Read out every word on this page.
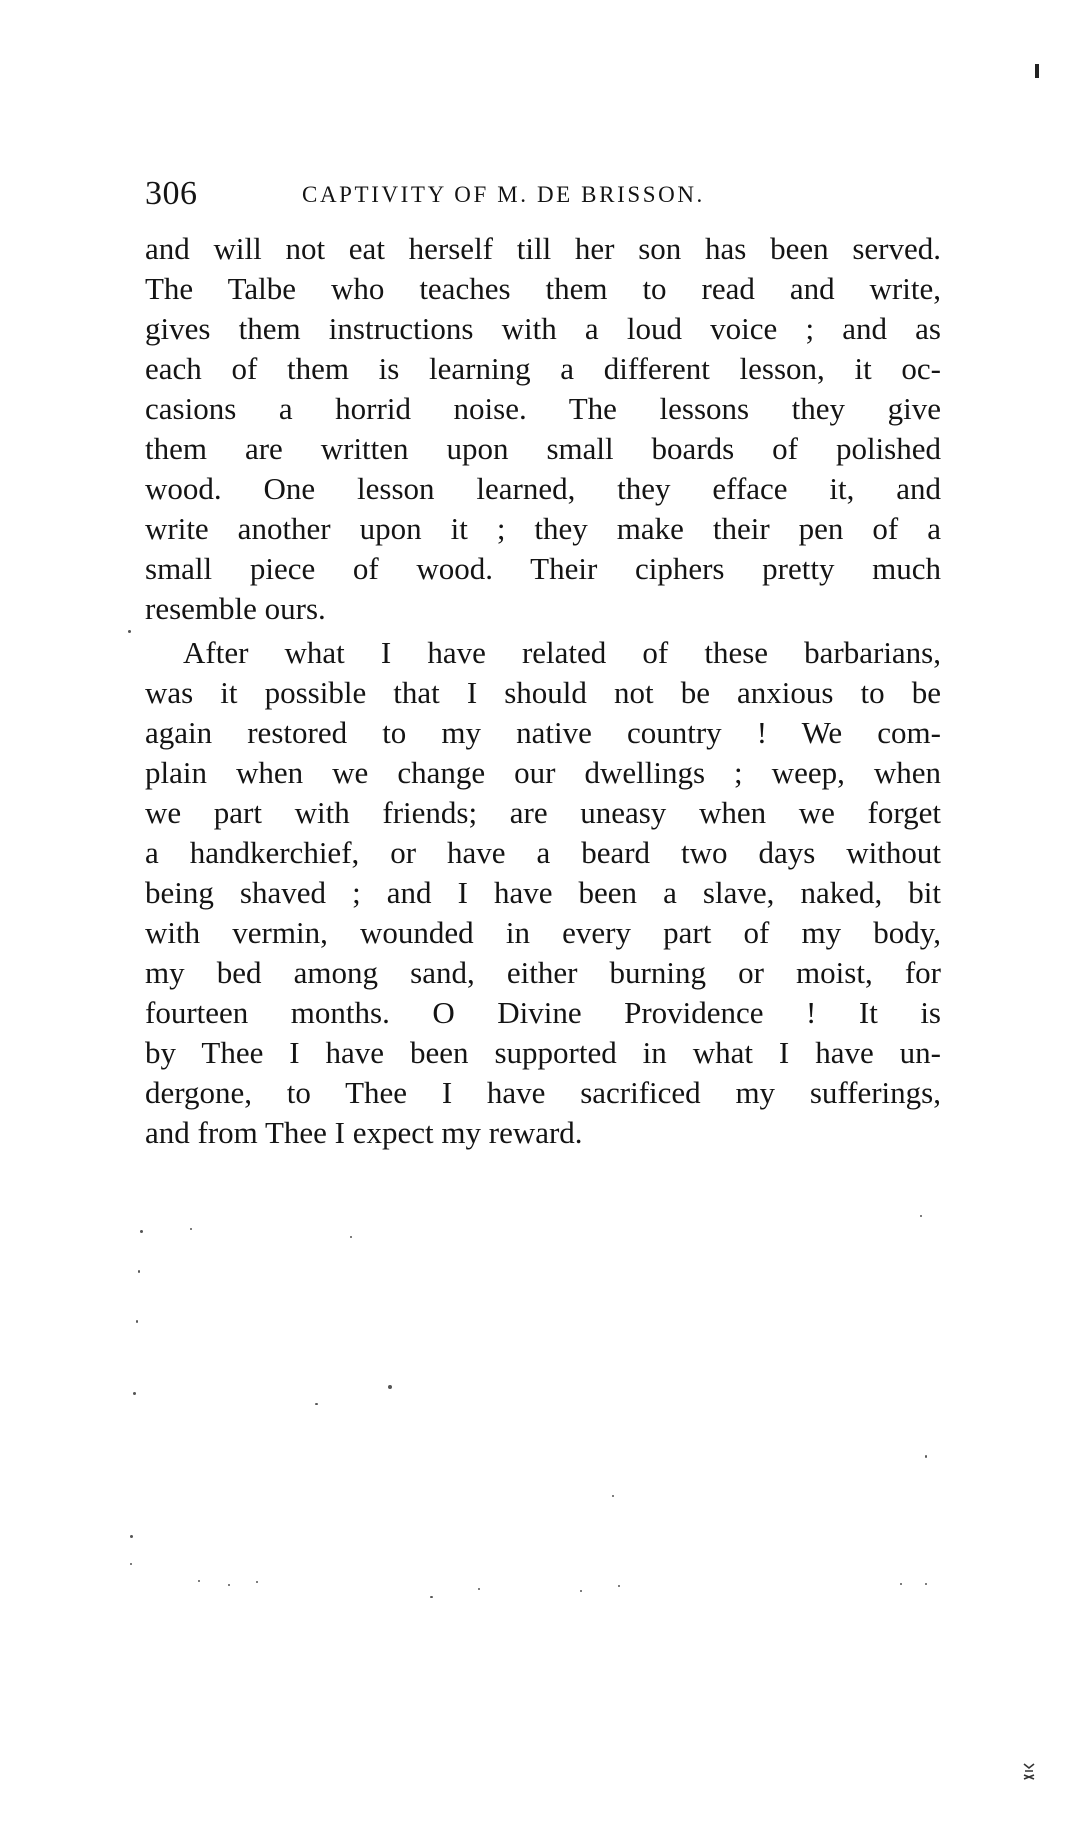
306	CAPTIVITY OF M. DE BRISSON.
and will not eat herself till her son has been served.
The Talbe who teaches them to read and write,
gives them instructions with a loud voice ; and as
each of them is learning a different lesson, it oc-
casions a horrid noise. The lessons they give
them are written upon small boards of polished
wood. One lesson learned, they efface it, and
write another upon it ; they make their pen of a
small piece of wood. Their ciphers pretty much
resemble ours.
After what I have related of these barbarians,
was it possible that I should not be anxious to be
again restored to my native country ! We com-
plain when we change our dwellings ; weep, when
we part with friends; are uneasy when we forget
a handkerchief, or have a beard two days without
being shaved ; and I have been a slave, naked, bit
with vermin, wounded in every part of my body,
my bed among sand, either burning or moist, for
fourteen months. O Divine Providence ! It is
by Thee I have been supported in what I have un-
dergone, to Thee I have sacrificed my sufferings,
and from Thee I expect my reward.
